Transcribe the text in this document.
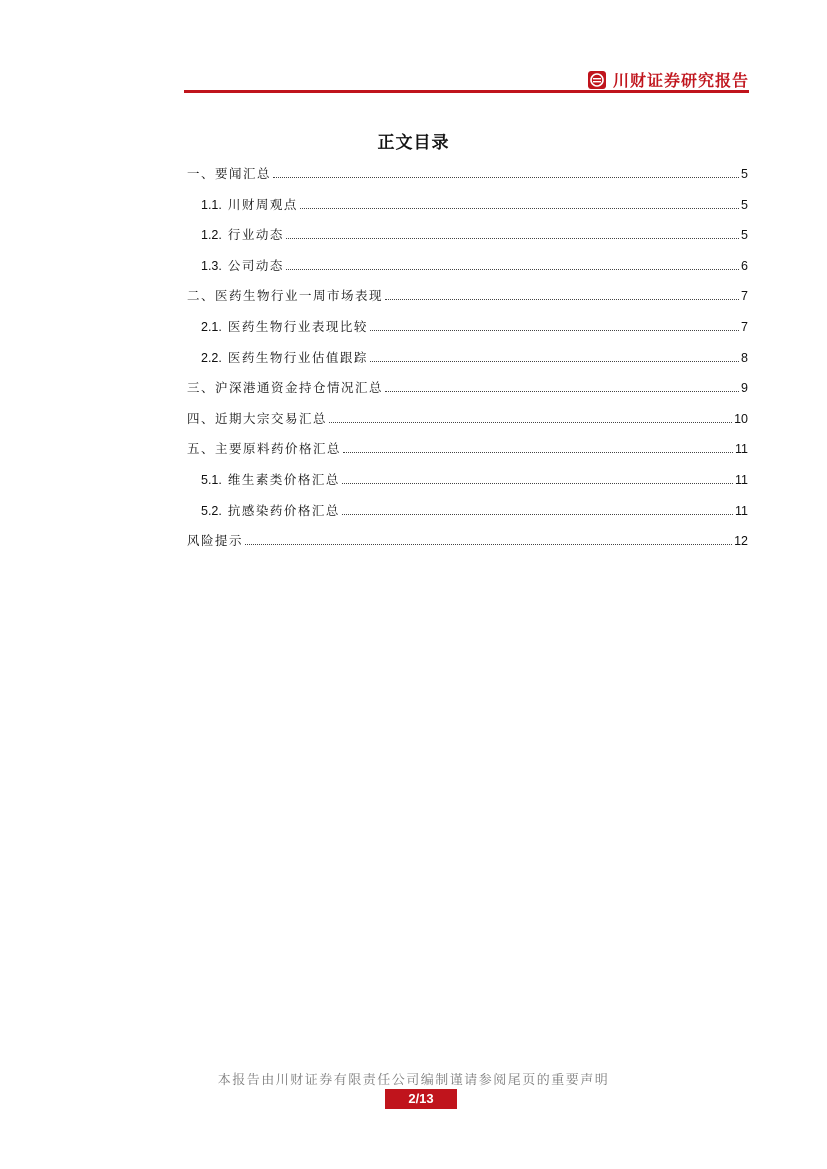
川财证券研究报告
正文目录
一、要闻汇总	5
1.1. 川财周观点	5
1.2. 行业动态	5
1.3. 公司动态	6
二、医药生物行业一周市场表现	7
2.1. 医药生物行业表现比较	7
2.2. 医药生物行业估值跟踪	8
三、沪深港通资金持仓情况汇总	9
四、近期大宗交易汇总	10
五、主要原料药价格汇总	11
5.1. 维生素类价格汇总	11
5.2. 抗感染药价格汇总	11
风险提示	12
本报告由川财证券有限责任公司编制谨请参阅尾页的重要声明
2/13
